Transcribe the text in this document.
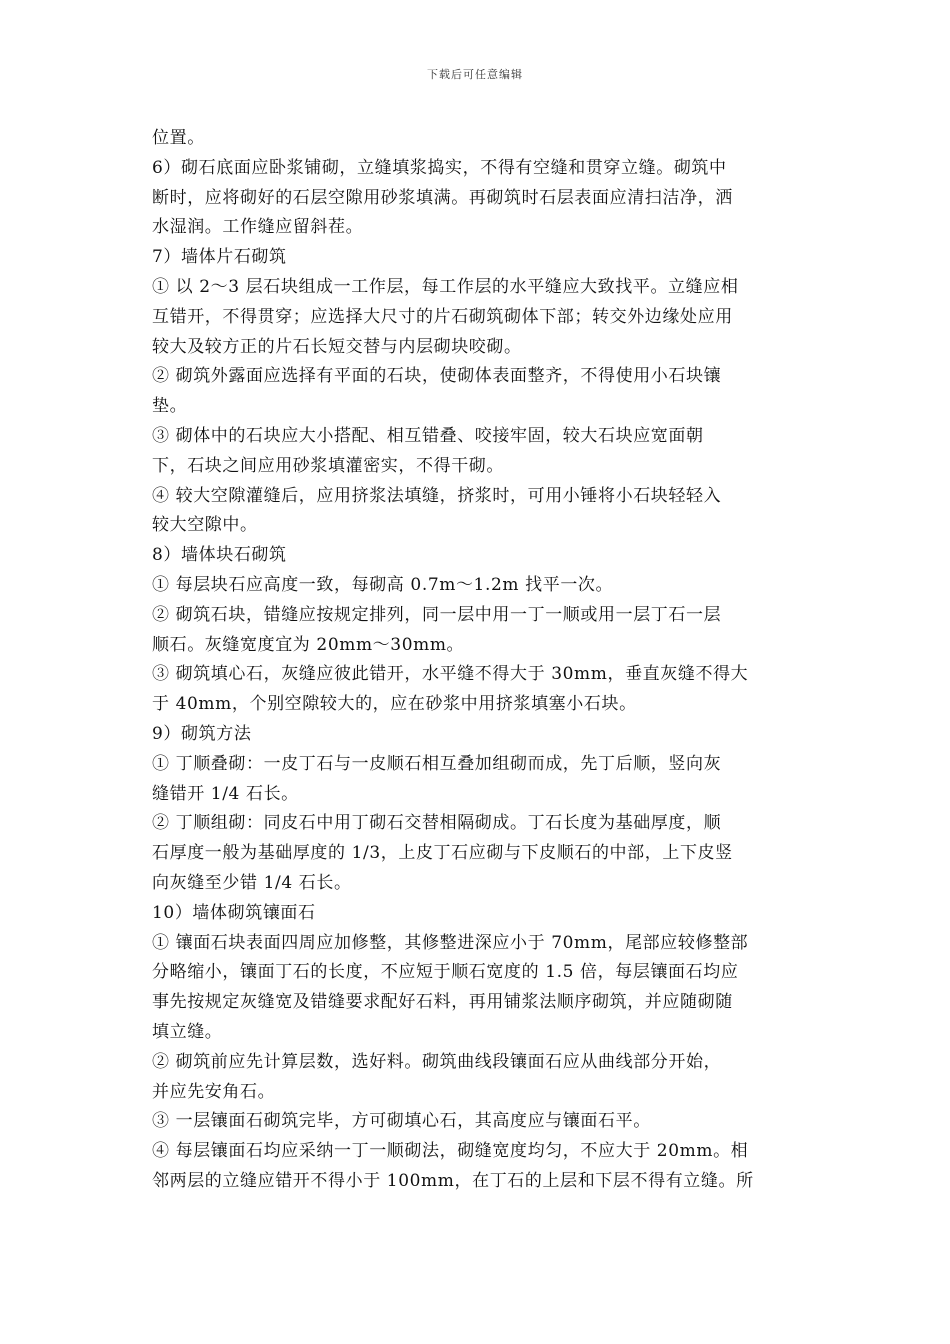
下载后可任意编辑

位置。

6）砌石底面应卧浆铺砌，立缝填浆捣实，不得有空缝和贯穿立缝。砌筑中
断时，应将砌好的石层空隙用砂浆填满。再砌筑时石层表面应清扫洁净，洒
水湿润。工作缝应留斜茬。

7）墙体片石砌筑

① 以 2～3 层石块组成一工作层，每工作层的水平缝应大致找平。立缝应相
互错开，不得贯穿；应选择大尺寸的片石砌筑砌体下部；转交外边缘处应用
较大及较方正的片石长短交替与内层砌块咬砌。

② 砌筑外露面应选择有平面的石块，使砌体表面整齐，不得使用小石块镶
垫。

③ 砌体中的石块应大小搭配、相互错叠、咬接牢固，较大石块应宽面朝
下，石块之间应用砂浆填灌密实，不得干砌。

④ 较大空隙灌缝后，应用挤浆法填缝，挤浆时，可用小锤将小石块轻轻入
较大空隙中。

8）墙体块石砌筑

① 每层块石应高度一致，每砌高 0.7m～1.2m 找平一次。

② 砌筑石块，错缝应按规定排列，同一层中用一丁一顺或用一层丁石一层
顺石。灰缝宽度宜为 20mm～30mm。

③ 砌筑填心石，灰缝应彼此错开，水平缝不得大于 30mm，垂直灰缝不得大
于 40mm，个别空隙较大的，应在砂浆中用挤浆填塞小石块。

9）砌筑方法

① 丁顺叠砌：一皮丁石与一皮顺石相互叠加组砌而成，先丁后顺，竖向灰
缝错开 1/4 石长。

② 丁顺组砌：同皮石中用丁砌石交替相隔砌成。丁石长度为基础厚度，顺
石厚度一般为基础厚度的 1/3，上皮丁石应砌与下皮顺石的中部，上下皮竖
向灰缝至少错 1/4 石长。

10）墙体砌筑镶面石

① 镶面石块表面四周应加修整，其修整进深应小于 70mm，尾部应较修整部
分略缩小，镶面丁石的长度，不应短于顺石宽度的 1.5 倍，每层镶面石均应
事先按规定灰缝宽及错缝要求配好石料，再用铺浆法顺序砌筑，并应随砌随
填立缝。

② 砌筑前应先计算层数，选好料。砌筑曲线段镶面石应从曲线部分开始，
并应先安角石。

③ 一层镶面石砌筑完毕，方可砌填心石，其高度应与镶面石平。

④ 每层镶面石均应采纳一丁一顺砌法，砌缝宽度均匀，不应大于 20mm。相
邻两层的立缝应错开不得小于 100mm，在丁石的上层和下层不得有立缝。所
